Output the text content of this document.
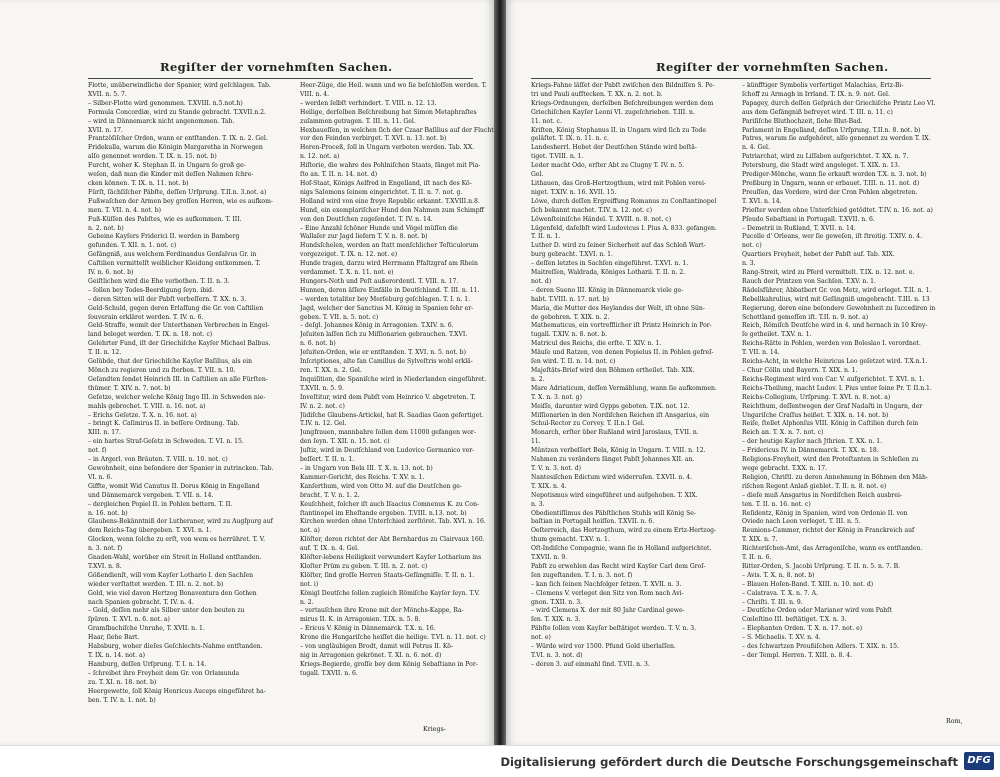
Regiſter der vornehmſten Sachen.

Flotte, unüberwindliche der Spanier, wird geſchlagen. Tab.

XVII. n. 5. 7.

– Silber-Flotte wird genommen. T.XVIII. n.5.not.h)

Formula Concordiæ, wird zu Stande gebracht. T.XVII.n.2.

– wird in Dännemarck nicht angenommen. Tab.

XVII. n. 17.

Frantzöſiſcher Orden, wann er entſtanden. T. IX. n. 2. Gel.

Fridekulla, warum die Königin Margaretha in Norwegen

alſo genennet worden. T. IX. n. 15. not. b)

Furcht, woher K. Stephan II. in Ungarn ſo groß ge-

weſen, daß man die Kinder mit deſſen Nahmen ſchre-

cken können. T. IX. n. 11. not. b)

Fürſt, ſächſiſcher Päbſte, deſſen Urſprung. T.II.n. 3.not. a)

Fußwaſchen der Armen bey groſſen Herren, wie es aufkom-

men. T. VII. n. 4. not. b)

Fuß-Küſſen des Pabſtes, wie es aufkommen. T. III.

n. 2. not. b)

Gebeine Kayſers Friderici II. werden in Bamberg

gefunden. T. XII. n. 1. not. c)

Gefängniß, aus welchem Ferdinandus Gonſalvus Gr. in

Caſtilien vermittelſt weiblicher Kleidung entkommen. T.

IV. n. 6. not. b)

Geiſtlichen wird die Ehe verbothen. T. II. n. 3.

– ſollen bey Todes-Beerdigung ſeyn. ibid.

– deren Sitten will der Pabſt verbeſſern. T. XX. n. 3.

Geld-Schuld, gegen deren Erlaſſung die Gr. von Caſtilien

ſouverain erkläret werden. T. IV. n. 6.

Geld-Straffe, womit der Unterthanen Verbrechen in Engel-

land beleget werden. T. IX. n. 18. not. c)

Gelehrter Fund, iſt der Griechiſche Kayſer Michael Balbus.

T. II. n. 12.

Gelübde, thut der Griechiſche Kayſer Baſilius, als ein

Mönch zu regieren und zu ſterben. T. VII. n. 10.

Geſandten ſendet Heinrich III. in Caſtilien an alle Fürſten-

thümer. T. XIV. n. 7. not. b)

Geſetze, welcher welche König Ingo III. in Schweden nie-

mahls gebrochet. T. VIII. n. 16. not. a)

– Erichs Geſetze. T. X. n. 16. not. a)

– bringt K. Caſimirus II. in beſſere Ordnung. Tab.

XIII. n. 17.

– ein hartes Straf-Geſetz in Schweden. T. VI. n. 15.

not. f)

– in Ärgerl. von Bräuten. T. VIII. n. 10. not. c)

Gewohnheit, eine beſondere der Spanier in zutrincken. Tab.

VI. n. 6.

Giffte, womit Wid Canutus II. Dorus König in Engelland

und Dännemarck vergeben. T. VII. n. 14.

– dergleichen Popiel II. in Pohlen bettern. T. II.

n. 16. not. b)

Glaubens-Bekänntniß der Lutheraner, wird zu Augſpurg auf

dem Reichs-Tag übergeben. T. XVI. n. 1.

Glocken, wenn ſolche zu erſt, von wem es herrühret. T. V.

n. 3. not. f)

Gnaden-Wahl, worüber ein Streit in Holland entſtanden.

T.XVI. n. 8.

Gößendienſt, will vom Kayſer Lothario I. den Sachſen

wieder verſtattet werden. T. III. n. 2. not. b)

Gold, wie viel davon Hertzog Bonaventura den Gothen

nach Spanien gebracht. T. IV. n. 4.

– Gold, deſſen mehr als Silber unter den beuten zu

ſpüren. T. XVI. n. 6. not. a)

Gramſbachiſche Unruhe, T. XVII. n. 1.

Haar, ſiehe Bart.

Habsburg, woher dieſes Geſchlechts-Nahme entſtanden.

T. IX. n. 14. not. a)

Hamburg, deſſen Urſprung. T. I. n. 14.

– ſchreibet ihre Freyheit dem Gr. von Orlamunda

zu. T. XI. n. 18. not. b)

Heergewette, ſoll König Henricus Auceps eingeführet ha-

ben. T. IV. n. 1. not. b)

Heer-Züge, die Heil. wann und wo ſie beſchloſſen werden. T.

VIII. n. 4.

– werden ſelbſt verhindert. T. VIII. n. 12. 13.

Heilige, derſelben Beſchreibung hat Simon Metaphraſtes

zuſammen getragen. T. III. n. 11. Gel.

Hexbaueſſen, in welchen ſich der Czaar Baſilius auf der Flucht

vor den Feinden verbirget. T. XVI. n. 13. not. b)

Heren-Proceß, ſoll in Ungarn verboten werden. Tab. XX.

n. 12. not. a)

Hiſtorie, die wahre des Pohlniſchen Staats, fänget mit Pia-

ſto an. T. II. n. 14. not. d)

Hof-Staat, Königs Aelfred in Engelland, iſt nach des Kö-

nigs Salomons ſeinem eingerichtet. T. II. n. 7. not. g.

Holland wird von eine freye Republic erkannt. T.XVIII.n.8.

Hund, ein exemplariſcher Hund den Nahmen zum Schimpff

von den Deutſchen zugeſendet. T. IV. n. 14.

– Eine Anzahl ſchöner Hunde und Vögel müſſen die

Wallaſer zur Jagd liefern T. V. n. 8. not. b)

Hundsſchelen, werden an ſtatt menſchlicher Teſticulorum

vorgezeiget. T. IX. n. 12. not. e)

Hunde tragen, darzu wird Herrmann Pfaltzgraf am Rhein

verdammet. T. X. n. 11. not. e)

Hungers-Noth und Peſt außerordentl. T. VIII. n. 17.

Hunnen, deren äſſere Einfälle in Deutſchland. T. III. n. 11.

– werden totaliter bey Merſeburg geſchlagen. T. I. n. 1.

Jagd, welcher der Sanctius M. König in Spanien ſehr er-

geben. T. VII. n. 5. not. c)

– deſgl. Johannes König in Arragonien. T.XIV. n. 6.

Jeſuiten laſſen ſich zu Miſſionarien gebrauchen. T.XVI.

n. 6. not. b)

Jeſuiten-Orden, wie er entſtanden. T. XVI. n. 5. not. b)

Inſcriptiones, alte fan Camillus de Sylveſtris wohl erklä-

ren. T. XX. n. 2. Gel.

Inquiſition, die Spaniſche wird in Niederlanden eingeführet.

T.XVII. n. 5. 9.

Inveſtitur, wird dem Pabſt vom Heinrico V. abgetreten. T.

IV. n. 2. not. c)

Jüdiſche Glaubens-Artickel, hat R. Saadias Gaon gefertiget.

T.IV. n. 12. Gel.

Jungfrauen, mannbahre ſollen dem 11000 gefangen wor-

den ſeyn. T. XII. n. 15. not. c)

Juſtiz, wird in Deutſchland von Ludovico Germanico ver-

beſſert. T. II. n. 1.

– in Ungarn von Bela III. T. X. n. 13. not. b)

Kammer-Gericht, des Reichs. T. XV. n. 1.

Kanſerthum, wird von Otto M. auf die Deutſchen ge-

bracht. T. V. n. 1. 2.

Keuſchheit, ſolcher iſt auch Iſaacius Comnenus K. zu Con-

ſtantinopel im Eheſtande ergeben. T.VIII. n.13. not. b)

Kirchen werden ohne Unterſchied zerſtöret. Tab. XVI. n. 16.

not. a)

Klöſter, deren richtet der Abt Bernhardus zu Clairvaux 160.

auf. T. IX. n. 4. Gel.

Klöſter-lebens Heiligkeit verwundert Kayſer Lotharium ins

Kloſter Prüm zu geben. T. III. n. 2. not. c)

Klöſter, ſind groſſe Herren Staats-Gefängniſſe. T. II. n. 1.

not. i)

Königl Deutſche ſollen zugleich Römiſche Kayſer ſeyn. T.V.

n. 2.

– vertauſchen ihre Krone mit der Mönchs-Kappe, Ra-

mirus II. K. in Arragonien. T.IX. n. 5. 8.

– Ericus V. König in Dännemarck. T.X. n. 16.

Krone die Hungariſche heiſſet die heilige. T.VI. n. 11. not. c)

– von ungläubigen Brodt, damit will Petrus II. Kö-

nig in Arragonien gekrönet. T. XI. n. 6. not. d)

Kriegs-Begierde, groſſe bey dem König Sebaſtiano in Por-

tugall. T.XVII. n. 6.

Kriegs-
Regiſter der vornehmſten Sachen.

Kriegs-Fahne läſſet der Pabſt zwiſchen den Bildniſſen S. Pe-

tri und Pauli aufſtecken. T. XX. n. 2. not. b.

Kriegs-Ordnungen, derſelben Beſchreibungen werden dem

Griechiſchen Kayſer Leoni VI. zugeſchrieben. T.III. n.

11. not. c.

Kriſten, König Stephanus II. in Ungarn wird ſich zu Tode

geläſtet. T. IX. n. 11. n. c.

Landesherrl. Hebet der Deutſchen Stände wird beſtä-

tiget. T.VIII. n. 1.

Leder macht Odo, erſter Abt zu Clugny T. IV. n. 5.

Gel.

Lithauen, das Groß-Hertzogthum, wird mit Pohlen verei-

niget. T.XIV. n. 16. XVII. 15.

Löwe, durch deſſen Ergreiffung Romanus zu Conſtantinopel

ſich bekannt machet. T.IV. n. 12. not. c)

Löwenſteiniſche Händel. T. XVIII. n. 8. not. c)

Lügenfeld, daſelbſt wird Ludovicus I. Pius A. 833. gefangen.

T. II. n. 1.

Luther D. wird zu ſeiner Sicherheit auf das Schloß Wart-

burg gebracht. T.XVI. n. 1.

– deſſen letztes in Sachſen eingeführet. T.XVI. n. 1.

Maitreſſen, Waldrada, Königes Lotharii. T. II. n. 2.

not. d)

– deren Sueno III. König in Dännemarck viele ge-

habt. T.VIII. n. 17. not. b)

Maria, die Mutter des Heylandes der Welt, iſt ohne Sün-

de gebohren. T. XIX. n. 2.

Mathematicus, ein vortrefflicher iſt Printz Heinrich in Por-

tugall. T.XIV. n. 8. not. b.

Matricul des Reichs, die erſte. T. XIV. n. 1.

Mäuſe und Ratzen, von denen Popielus II. in Pohlen gefreſ-

ſen wird. T. II. n. 14. not. c)

Majeſtäts-Brief wird den Böhmen ertheilet. Tab. XIX.

n. 2.

Mare Adriaticum, deſſen Vermählung, wann ſie aufkommen.

T. X. n. 3. not. g)

Meiſſe, darunter wird Gypps geboten. T.IX. not. 12.

Miſſionarien in den Nordiſchen Reichen iſt Ansgarius, ein

Schul-Rector zu Corvey. T. II.n.1 Gel.

Monarch, erſter über Rußland wird Jaroslaus, T.VII. n.

11.

Müntzen verbeſſert Bela, König in Ungarn. T. VIII. n. 12.

Nahmen zu verändern fänget Pabſt Johannes XII. an.

T. V. n. 3. not. d)

Nantesiſchen Edictum wird widerrufen. T.XVII. n. 4.

T. XIX. n. 4.

Nepotismus wird eingeführet und aufgehoben. T. XIX.

n. 3.

Obedientiſſimus des Päbſtlichen Stuhls will König Se-

baſtian in Portugall heiſſen. T.XVII. n. 6.

Oeſterreich, das Hertzogthum, wird zu einem Ertz-Hertzog-

thum gemacht. T.XV. n. 1.

Oſt-Indiſche Compagnie, wann ſie in Holland aufgerichtet.

T.XVII. n. 9.

Pabſt zu erwehlen das Recht wird Kayſer Carl dem Groſ-

ſen zugeſtanden. T. I. n. 3. not. f)

– kan ſich ſeinen Nachfolger ſetzen. T. XVII. n. 3.

– Clemens V. verleget den Sitz von Rom nach Avi-

gnon. T.XII. n. 3.

– wird Clemens X. der mit 80 Jahr Cardinal gewe-

ſen. T. XIX. n. 3.

Päbſte ſollen vom Kayſer beſtätiget werden. T. V. n. 3.

not. e)

– Würde wird vor 1500. Pfund Gold überlaſſen.

T.VI. n. 3. not. d)

– deren 3. auf einmahl ſind. T.VII. n. 3.

– künfftiger Symbolis verfertiget Malachias, Ertz-Bi-

ſchoff zu Armagh in Irrland. T. IX. n. 9. not. Gel.

Papagey, durch deſſen Geſpräch der Griechiſche Printz Leo VI.

aus dem Gefängniß befreyet wird. T. III. n. 11. c)

Pariſiſche Bluthochzeit, ſiehe Blut-Bad.

Parlament in Engelland, deſſen Urſprung. T.II.n. 8. not. b)

Patres, warum ſie aufgehöret, alſo genennet zu werden T. IX.

n. 4. Gel.

Patriarchat, wird zu Liſſabon aufgerichtet. T. XX. n. 7.

Petersburg, die Stadt wird angeleget. T. XIX. n. 13.

Prediger-Mönche, wann ſie erkauft worden T.X. n. 3. not. b)

Preßburg in Ungarn, wann er erbauet. T.III. n. 11. not. d)

Preuſſen, das Vordere, wird der Cron Pohlen abgetreten.

T. XVI. n. 14.

Prieſter werden ohne Unterſchied getödtet. T.IV. n. 16. not. a)

Pſeudo Sebaſtiani in Portugall. T.XVII. n. 6.

– Demetrii in Rußland, T. XVII. n. 14.

Pucelle d' Orleans, wer ſie geweſen, iſt ſtreitig. T.XIV. n. 4.

not. c)

Quartiers Freyheit, hebet der Pabſt auf. Tab. XIX.

n. 3.

Rang-Streit, wird zu Pferd vermittelt. T.IX. n. 12. not. e.

Rauch der Printzen von Sachſen. T.XV. n. 1.

Rädelsführer, Abbatbert Gr. von Metz, wird erleget. T.II. n. 1.

Rebellkahrulius, wird mit Gefängniß umgebracht. T.III. n. 13

Regierung, deren eine beſondere Gewohnheit zu ſuccediren in

Schottland gemeſſen iſt. T.II. n. 9. not. a)

Reich, Römiſch Deutſche wird in 4. und hernach in 10 Krey-

ſe getheilet. T.XV. n. 1.

Reichs-Rätte in Pohlen, werden von Boleslao I. verordnet.

T. VII. n. 14.

Reichs-Acht, in welche Heinricus Leo geſetzet wird. T.X.n.1.

– Chur Cölln und Bayern. T. XIX. n. 1.

Reichs-Regiment wird von Car. V. aufgerichtet. T. XVI. n. 1.

Reichs-Theilung, macht Ludov. I. Pius unter ſeine Pr. T. II.n.1.

Reichs-Collegium, Urſprung. T. XVI. n. 8. not. a)

Reichthum, deſſentwegen der Graf Nadaſti in Ungarn, der

Ungariſche Craſſus heißet. T. XIX. n. 14. not. b)

Reiſe, ſtellet Alphonſus VIII. König in Caſtilien durch ſein

Reich an. T. X. n. 7. not. c)

– der heutige Kayſer nach Jthrien. T. XX. n. 1.

– Fridericus IV. in Dännemarck. T. XX. n. 18.

Religions-Freyheit, wird den Proteſtanten in Schleſien zu

wege gebracht. T.XX. n. 17.

Religion, Chriſtl. zu deren Annehmung in Böhmen den Mäh-

riſchen Regent Anlaß gieblet. T. II. n. 8. not. e)

– dieſe muß Ansgarius in Nordiſchen Reich ausbrei-

ten. T. II. n. 16. not. c)

Reſidentz, König in Spanien, wird von Ordonio II. von

Oviedo nach Leon verleget. T. III. n. 5.

Reunions-Cammer, richtet der König in Franckreich auf

T. XIX. n. 7.

Richteriſchen-Amt, das Arragoniſche, wann es entſtanden.

T. II. n. 6.

Ritter-Orden, S. Jacobi Urſprung. T. II. n. 5. n. 7. B.

– Avis. T. X. n. 8. not. b)

– Blauen Hoſen-Band. T. XIII. n. 10. not. d)

– Calatrava. T. X. n. 7. A.

– Chriſti. T. III. n. 9.

– Deutſche Orden oder Marianer wird vom Pabſt

Cœleſtino III. beſtätiget. T.X. n. 3.

– Elephanten Orden. T. X. n. 17. not. e)

– S. Michaelis. T. XV. n. 4.

– des ſchwartzen Preußiſchen Adlers. T. XIX. n. 15.

– der Templ. Herren. T. XIII. n. 8. 4.

Rom,
Digitalisierung gefördert durch die Deutsche Forschungsgemeinschaft DFG
